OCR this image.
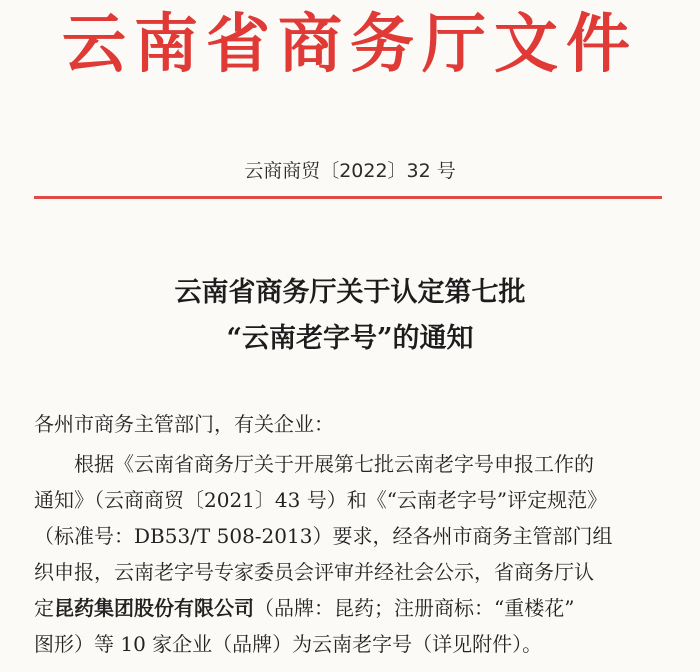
云南省商务厅文件
云商商贸〔2022〕32 号
云南省商务厅关于认定第七批
“云南老字号”的通知
各州市商务主管部门，有关企业：
根据《云南省商务厅关于开展第七批云南老字号申报工作的
通知》（云商商贸〔2021〕43 号）和《“云南老字号”评定规范》
（标准号：DB53/T 508-2013）要求，经各州市商务主管部门组
织申报，云南老字号专家委员会评审并经社会公示，省商务厅认
定昆药集团股份有限公司（品牌：昆药；注册商标：“重楼花”
图形）等 10 家企业（品牌）为云南老字号（详见附件）。
